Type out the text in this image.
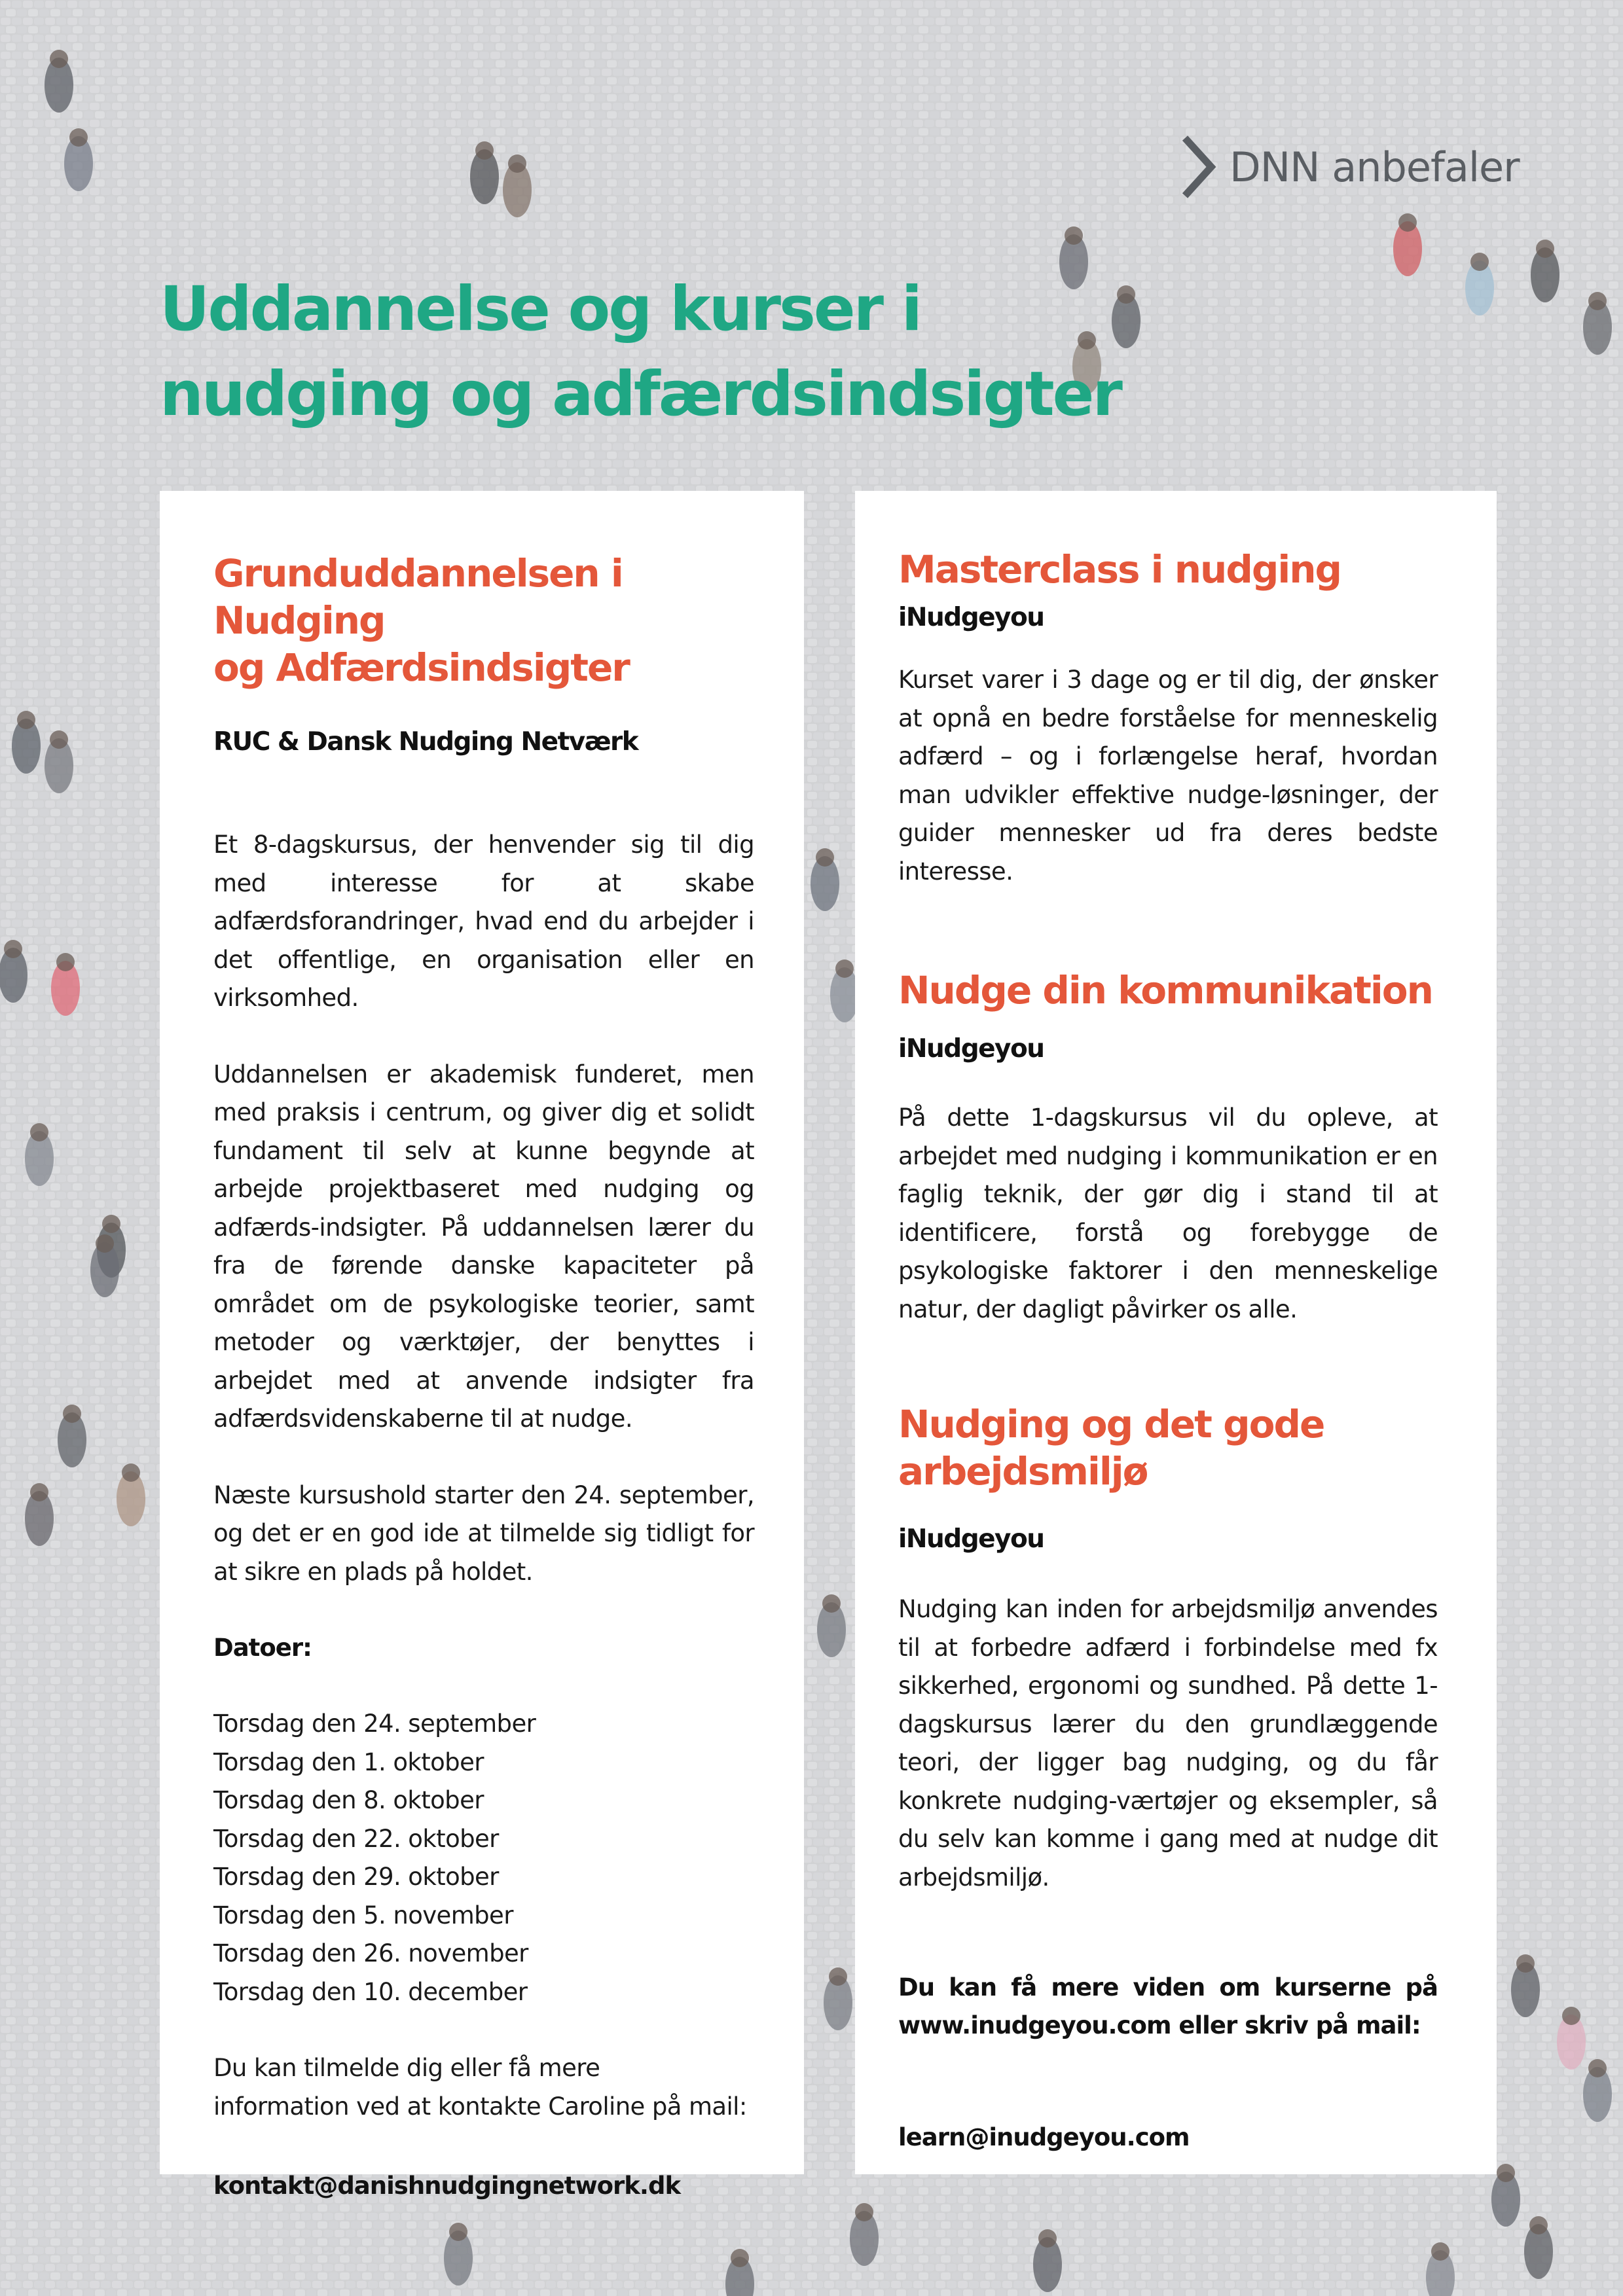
DNN anbefaler
Uddannelse og kurser i
nudging og adfærdsindsigter
Grunduddannelsen i Nudging
og Adfærdsindsigter

RUC & Dansk Nudging Netværk

Et 8-dagskursus, der henvender sig til dig med interesse for at skabe adfærdsforandringer, hvad end du arbejder i det offentlige, en organisation eller en virksomhed.

Uddannelsen er akademisk funderet, men med praksis i centrum, og giver dig et solidt fundament til selv at kunne begynde at arbejde projektbaseret med nudging og adfærds-indsigter. På uddannelsen lærer du fra de førende danske kapaciteter på området om de psykologiske teorier, samt metoder og værktøjer, der benyttes i arbejdet med at anvende indsigter fra adfærdsvidenskaberne til at nudge.

Næste kursushold starter den 24. september, og det er en god ide at tilmelde sig tidligt for at sikre en plads på holdet.

Datoer:

Torsdag den 24. september
Torsdag den 1. oktober
Torsdag den 8. oktober
Torsdag den 22. oktober
Torsdag den 29. oktober
Torsdag den 5. november
Torsdag den 26. november
Torsdag den 10. december

Du kan tilmelde dig eller få mere

information ved at kontakte Caroline på mail:

kontakt@danishnudgingnetwork.dk

Masterclass i nudging

iNudgeyou

Kurset varer i 3 dage og er til dig, der ønsker at opnå en bedre forståelse for menneskelig adfærd – og i forlængelse heraf, hvordan man udvikler effektive nudge-løsninger, der guider mennesker ud fra deres bedste interesse.

Nudge din kommunikation

iNudgeyou

På dette 1-dagskursus vil du opleve, at arbejdet med nudging i kommunikation er en faglig teknik, der gør dig i stand til at identificere, forstå og forebygge de psykologiske faktorer i den menneskelige natur, der dagligt påvirker os alle.

Nudging og det gode
arbejdsmiljø

iNudgeyou

Nudging kan inden for arbejdsmiljø anvendes til at forbedre adfærd i forbindelse med fx sikkerhed, ergonomi og sundhed. På dette 1-dagskursus lærer du den grundlæggende teori, der ligger bag nudging, og du får konkrete nudging-værtøjer og eksempler, så du selv kan komme i gang med at nudge dit arbejdsmiljø.

Du kan få mere viden om kurserne på www.inudgeyou.com eller skriv på mail:

learn@inudgeyou.com
